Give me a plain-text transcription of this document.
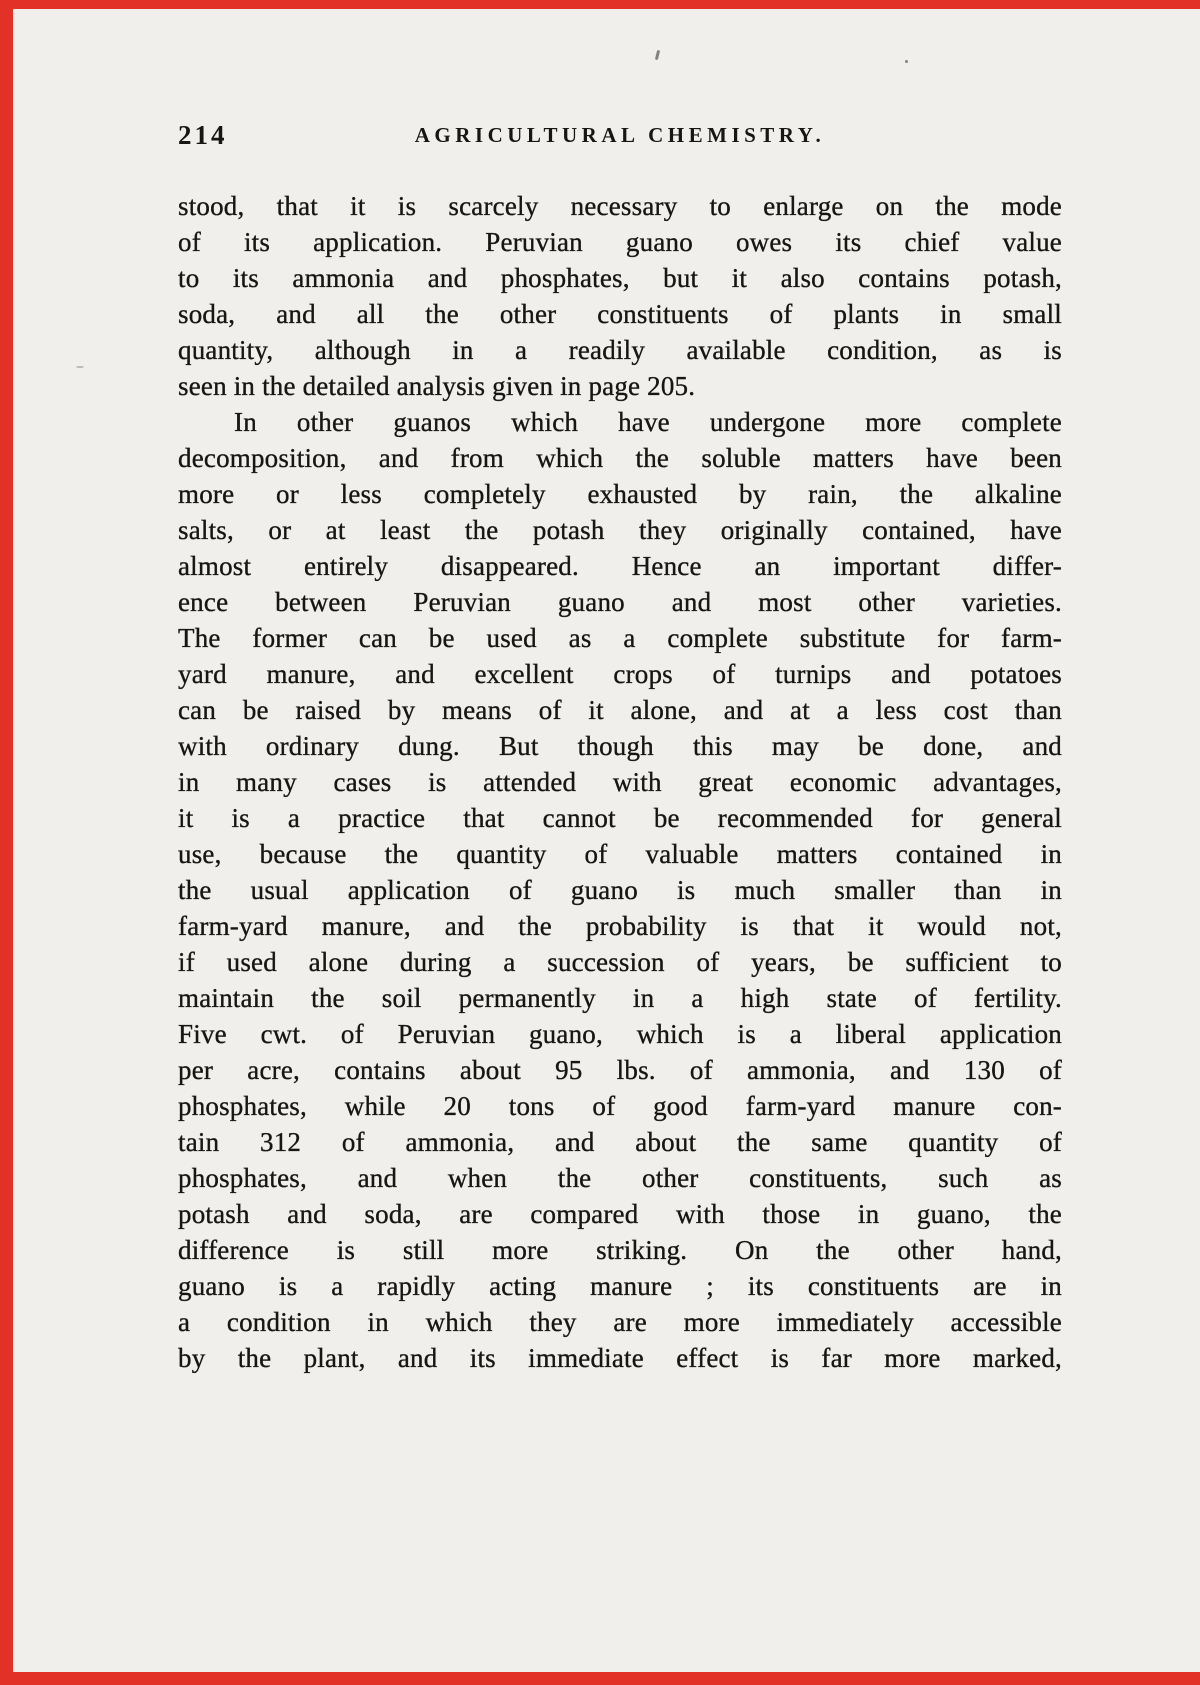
214	AGRICULTURAL CHEMISTRY.
stood, that it is scarcely necessary to enlarge on the mode
of its application. Peruvian guano owes its chief value
to its ammonia and phosphates, but it also contains potash,
soda, and all the other constituents of plants in small
quantity, although in a readily available condition, as is
seen in the detailed analysis given in page 205.
In other guanos which have undergone more complete
decomposition, and from which the soluble matters have been
more or less completely exhausted by rain, the alkaline
salts, or at least the potash they originally contained, have
almost entirely disappeared. Hence an important differ-
ence between Peruvian guano and most other varieties.
The former can be used as a complete substitute for farm-
yard manure, and excellent crops of turnips and potatoes
can be raised by means of it alone, and at a less cost than
with ordinary dung. But though this may be done, and
in many cases is attended with great economic advantages,
it is a practice that cannot be recommended for general
use, because the quantity of valuable matters contained in
the usual application of guano is much smaller than in
farm-yard manure, and the probability is that it would not,
if used alone during a succession of years, be sufficient to
maintain the soil permanently in a high state of fertility.
Five cwt. of Peruvian guano, which is a liberal application
per acre, contains about 95 lbs. of ammonia, and 130 of
phosphates, while 20 tons of good farm-yard manure con-
tain 312 of ammonia, and about the same quantity of
phosphates, and when the other constituents, such as
potash and soda, are compared with those in guano, the
difference is still more striking. On the other hand,
guano is a rapidly acting manure ; its constituents are in
a condition in which they are more immediately accessible
by the plant, and its immediate effect is far more marked,
